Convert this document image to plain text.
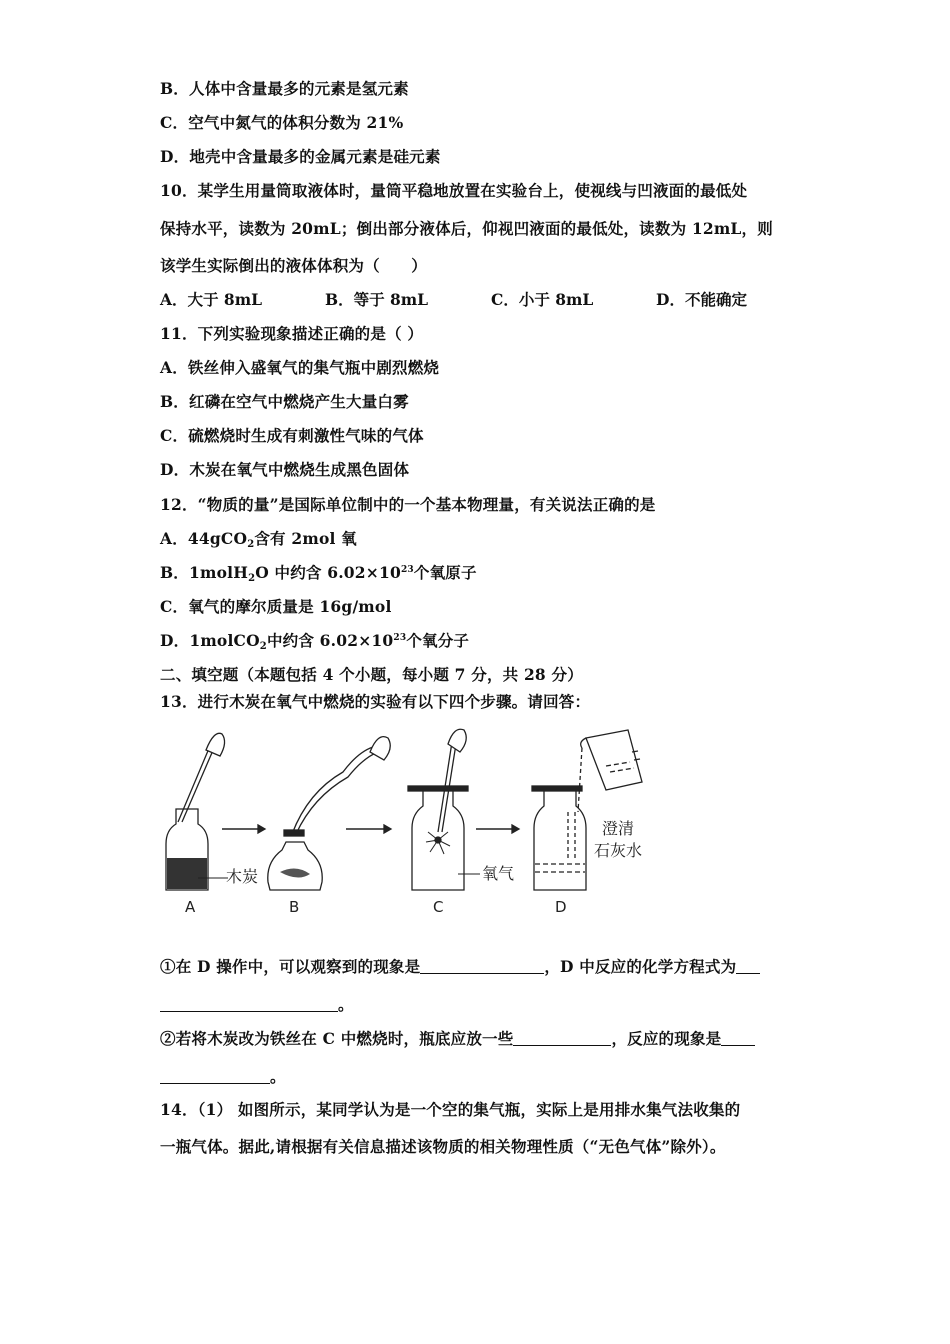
B．人体中含量最多的元素是氢元素
C．空气中氮气的体积分数为 21%
D．地壳中含量最多的金属元素是硅元素
10．某学生用量筒取液体时，量筒平稳地放置在实验台上，使视线与凹液面的最低处
保持水平，读数为 20mL；倒出部分液体后，仰视凹液面的最低处，读数为 12mL，则
该学生实际倒出的液体体积为（　　）
A．大于 8mL	B．等于 8mL	C．小于 8mL	D．不能确定
11．下列实验现象描述正确的是（ ）
A．铁丝伸入盛氧气的集气瓶中剧烈燃烧
B．红磷在空气中燃烧产生大量白雾
C．硫燃烧时生成有刺激性气味的气体
D．木炭在氧气中燃烧生成黑色固体
12．“物质的量”是国际单位制中的一个基本物理量，有关说法正确的是
A．44gCO$_2$含有 2mol 氧
B．1molH$_2$O 中约含 $6.02\times 10^{23}$个氧原子
C．氧气的摩尔质量是 16g/mol
D．1molCO$_2$中约含 $6.02\times 10^{23}$个氧分子
二、填空题（本题包括 4 个小题，每小题 7 分，共 28 分）
13．进行木炭在氧气中燃烧的实验有以下四个步骤。请回答：
木炭	氧气
澄清
石灰水
A	B	C	D
①在 D 操作中，可以观察到的现象是	，D 中反应的化学方程式为
。
②若将木炭改为铁丝在 C 中燃烧时，瓶底应放一些	，反应的现象是
。
14．（1） 如图所示，某同学认为是一个空的集气瓶，实际上是用排水集气法收集的
一瓶气体。据此,请根据有关信息描述该物质的相关物理性质（“无色气体”除外）。
